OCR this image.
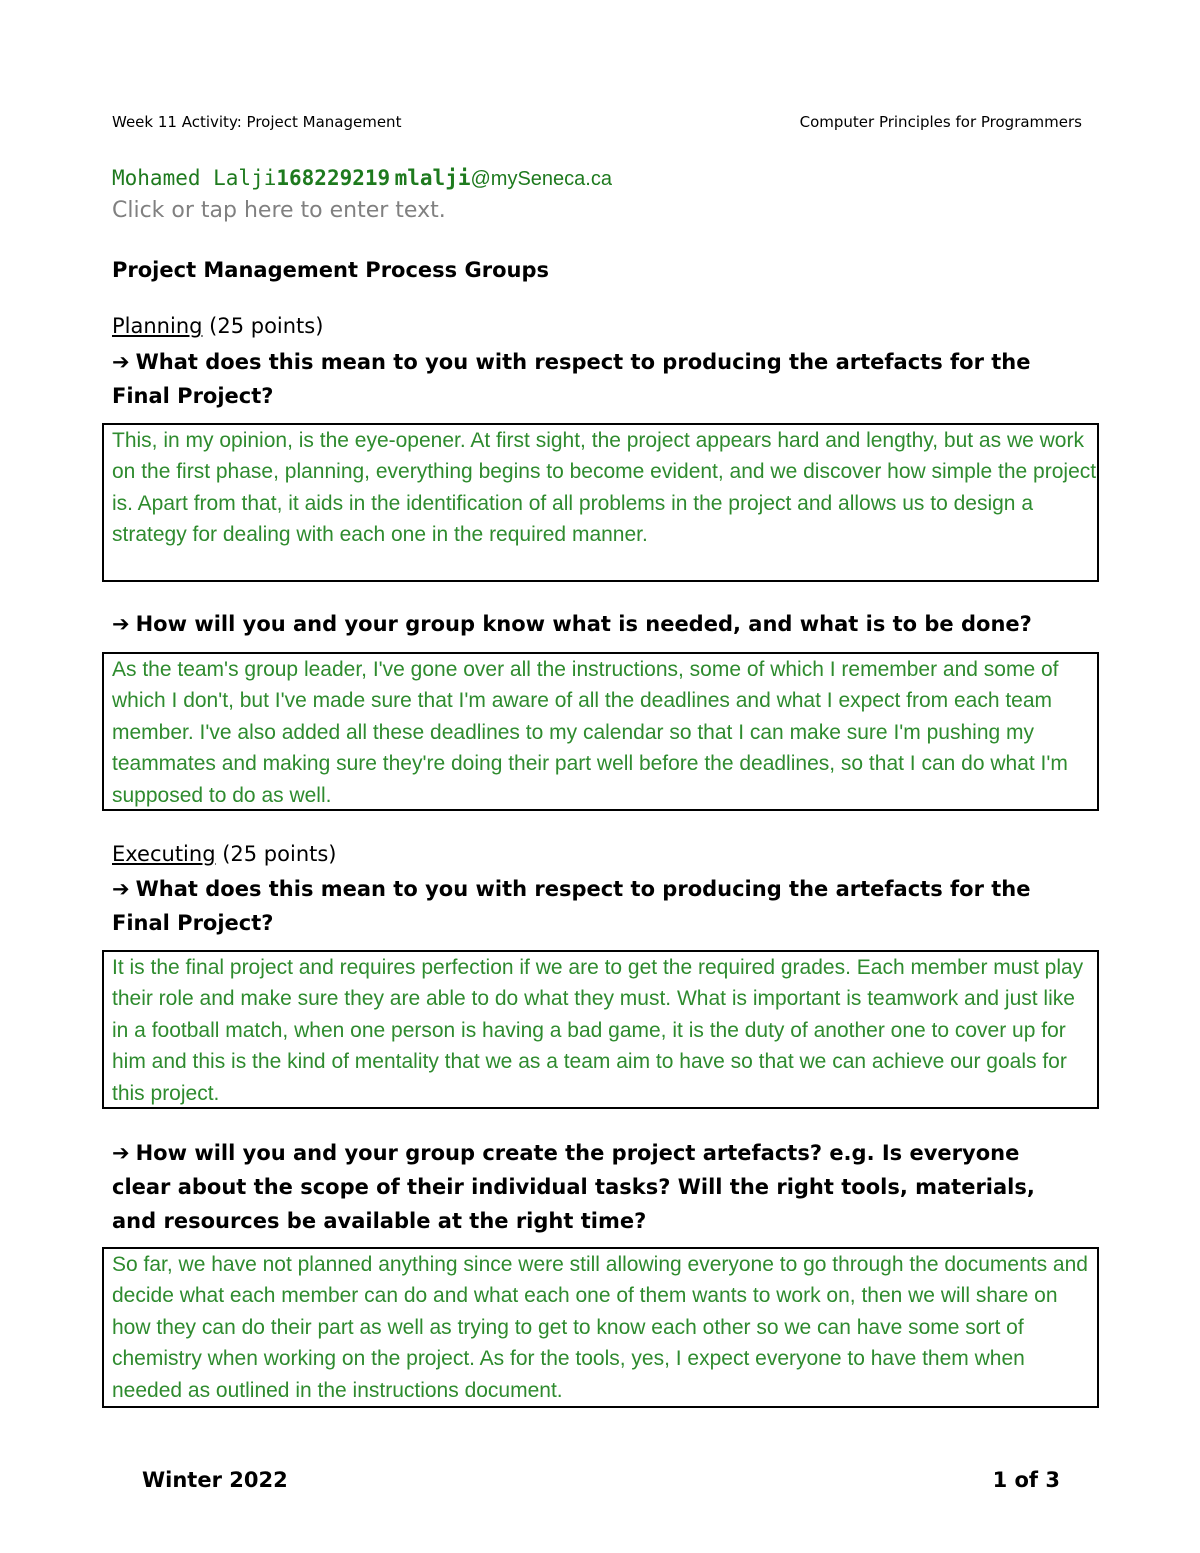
Week 11 Activity: Project Management	Computer Principles for Programmers
Mohamed Lalji168229219 mlalji@mySeneca.ca
Click or tap here to enter text.
Project Management Process Groups
Planning (25 points)
➔ What does this mean to you with respect to producing the artefacts for the Final Project?
This, in my opinion, is the eye-opener. At first sight, the project appears hard and lengthy, but as we work on the first phase, planning, everything begins to become evident, and we discover how simple the project is. Apart from that, it aids in the identification of all problems in the project and allows us to design a strategy for dealing with each one in the required manner.
➔ How will you and your group know what is needed, and what is to be done?
As the team's group leader, I've gone over all the instructions, some of which I remember and some of which I don't, but I've made sure that I'm aware of all the deadlines and what I expect from each team member. I've also added all these deadlines to my calendar so that I can make sure I'm pushing my teammates and making sure they're doing their part well before the deadlines, so that I can do what I'm supposed to do as well.
Executing (25 points)
➔ What does this mean to you with respect to producing the artefacts for the Final Project?
It is the final project and requires perfection if we are to get the required grades. Each member must play their role and make sure they are able to do what they must. What is important is teamwork and just like in a football match, when one person is having a bad game, it is the duty of another one to cover up for him and this is the kind of mentality that we as a team aim to have so that we can achieve our goals for this project.
➔ How will you and your group create the project artefacts? e.g. Is everyone clear about the scope of their individual tasks? Will the right tools, materials, and resources be available at the right time?
So far, we have not planned anything since were still allowing everyone to go through the documents and decide what each member can do and what each one of them wants to work on, then we will share on how they can do their part as well as trying to get to know each other so we can have some sort of chemistry when working on the project. As for the tools, yes, I expect everyone to have them when needed as outlined in the instructions document.
Winter 2022	1 of 3
